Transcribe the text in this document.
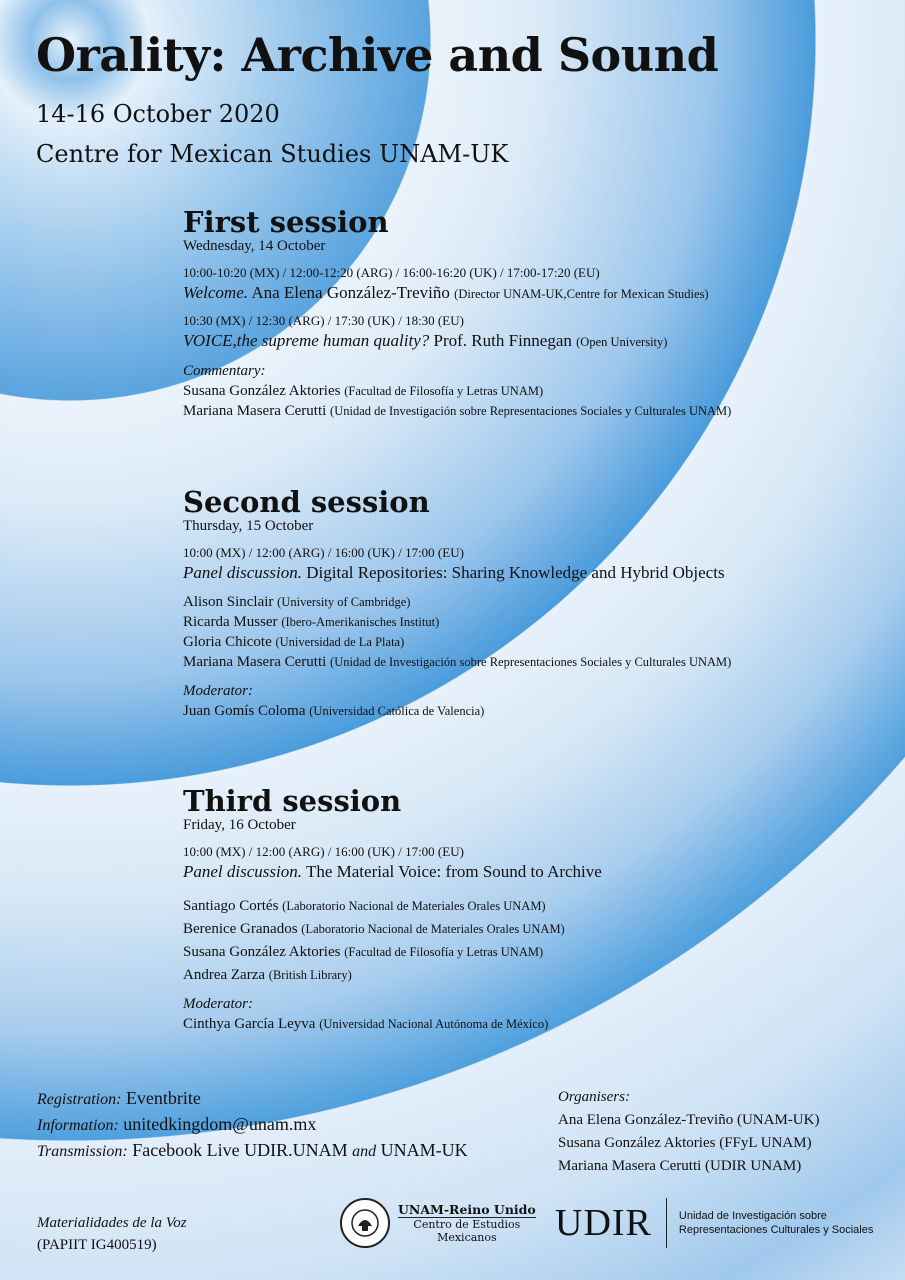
Orality: Archive and Sound
14-16 October 2020
Centre for Mexican Studies UNAM-UK
First session

Wednesday, 14 October

10:00-10:20 (MX) / 12:00-12:20 (ARG) / 16:00-16:20 (UK) / 17:00-17:20 (EU)

Welcome. Ana Elena González-Treviño (Director UNAM-UK,Centre for Mexican Studies)

10:30 (MX) / 12:30 (ARG) / 17:30 (UK) / 18:30 (EU)

VOICE,the supreme human quality? Prof. Ruth Finnegan (Open University)

Commentary:

Susana González Aktories (Facultad de Filosofía y Letras UNAM)

Mariana Masera Cerutti (Unidad de Investigación sobre Representaciones Sociales y Culturales UNAM)

Second session

Thursday, 15 October

10:00 (MX) / 12:00 (ARG) / 16:00 (UK) / 17:00 (EU)

Panel discussion. Digital Repositories: Sharing Knowledge and Hybrid Objects

Alison Sinclair (University of Cambridge)

Ricarda Musser (Ibero-Amerikanisches Institut)

Gloria Chicote (Universidad de La Plata)

Mariana Masera Cerutti (Unidad de Investigación sobre Representaciones Sociales y Culturales UNAM)

Moderator:

Juan Gomís Coloma (Universidad Católica de Valencia)

Third session

Friday, 16 October

10:00 (MX) / 12:00 (ARG) / 16:00 (UK) / 17:00 (EU)

Panel discussion. The Material Voice: from Sound to Archive

Santiago Cortés (Laboratorio Nacional de Materiales Orales UNAM)

Berenice Granados (Laboratorio Nacional de Materiales Orales UNAM)

Susana González Aktories (Facultad de Filosofía y Letras UNAM)

Andrea Zarza (British Library)

Moderator:

Cinthya García Leyva (Universidad Nacional Autónoma de México)

Registration: Eventbrite
Information: unitedkingdom@unam.mx
Transmission: Facebook Live UDIR.UNAM and UNAM-UK
Organisers:
Ana Elena González-Treviño (UNAM-UK)
Susana González Aktories (FFyL UNAM)
Mariana Masera Cerutti (UDIR UNAM)
Materialidades de la Voz
(PAPIIT IG400519)
UNAM-Reino Unido
Centro de Estudios
Mexicanos	UDIR	Unidad de Investigación sobre
Representaciones Culturales y Sociales
